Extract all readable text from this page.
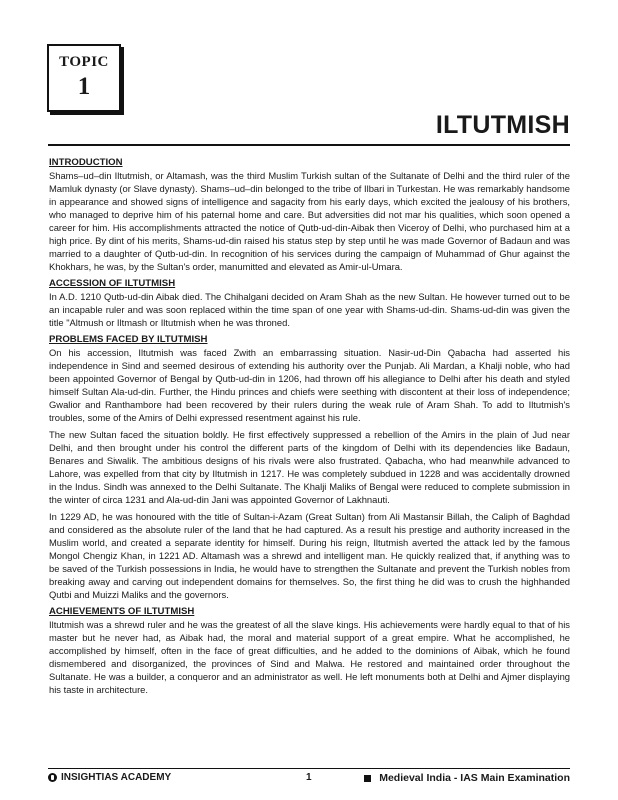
TOPIC
1
ILTUTMISH
INTRODUCTION

Shams–ud–din Iltutmish, or Altamash, was the third Muslim Turkish sultan of the Sultanate of Delhi and the third ruler of the Mamluk dynasty (or Slave dynasty). Shams–ud–din belonged to the tribe of Ilbari in Turkestan. He was remarkably handsome in appearance and showed signs of intelligence and sagacity from his early days, which excited the jealousy of his brothers, who managed to deprive him of his paternal home and care. But adversities did not mar his qualities, which soon opened a career for him. His accomplishments attracted the notice of Qutb-ud-din-Aibak then Viceroy of Delhi, who purchased him at a high price. By dint of his merits, Shams-ud-din raised his status step by step until he was made Governor of Badaun and was married to a daughter of Qutb-ud-din. In recognition of his services during the campaign of Muhammad of Ghur against the Khokhars, he was, by the Sultan's order, manumitted and elevated as Amir-ul-Umara.

ACCESSION OF ILTUTMISH

In A.D. 1210 Qutb-ud-din Aibak died. The Chihalgani decided on Aram Shah as the new Sultan. He however turned out to be an incapable ruler and was soon replaced within the time span of one year with Shams-ud-din. Shams-ud-din was given the title "Altmush or Iltmash or Iltutmish when he was throned.

PROBLEMS FACED BY ILTUTMISH

On his accession, Iltutmish was faced Zwith an embarrassing situation. Nasir-ud-Din Qabacha had asserted his independence in Sind and seemed desirous of extending his authority over the Punjab. Ali Mardan, a Khalji noble, who had been appointed Governor of Bengal by Qutb-ud-din in 1206, had thrown off his allegiance to Delhi after his death and styled himself Sultan Ala-ud-din. Further, the Hindu princes and chiefs were seething with discontent at their loss of independence; Gwalior and Ranthambore had been recovered by their rulers during the weak rule of Aram Shah. To add to Iltutmish's troubles, some of the Amirs of Delhi expressed resentment against his rule.

The new Sultan faced the situation boldly. He first effectively suppressed a rebellion of the Amirs in the plain of Jud near Delhi, and then brought under his control the different parts of the kingdom of Delhi with its dependencies like Badaun, Benares and Siwalik. The ambitious designs of his rivals were also frustrated. Qabacha, who had meanwhile advanced to Lahore, was expelled from that city by Iltutmish in 1217. He was completely subdued in 1228 and was accidentally drowned in the Indus. Sindh was annexed to the Delhi Sultanate. The Khalji Maliks of Bengal were reduced to complete submission in the winter of circa 1231 and Ala-ud-din Jani was appointed Governor of Lakhnauti.

In 1229 AD, he was honoured with the title of Sultan-i-Azam (Great Sultan) from Ali Mastansir Billah, the Caliph of Baghdad and considered as the absolute ruler of the land that he had captured. As a result his prestige and authority increased in the Muslim world, and created a separate identity for himself. During his reign, Iltutmish averted the attack led by the famous Mongol Chengiz Khan, in 1221 AD. Altamash was a shrewd and intelligent man. He quickly realized that, if anything was to be saved of the Turkish possessions in India, he would have to strengthen the Sultanate and prevent the Turkish nobles from breaking away and carving out independent domains for themselves. So, the first thing he did was to crush the highhanded Qutbi and Muizzi Maliks and the governors.

ACHIEVEMENTS OF ILTUTMISH

Iltutmish was a shrewd ruler and he was the greatest of all the slave kings. His achievements were hardly equal to that of his master but he never had, as Aibak had, the moral and material support of a great empire. What he accomplished, he accomplished by himself, often in the face of great difficulties, and he added to the dominions of Aibak, which he found dismembered and disorganized, the provinces of Sind and Malwa. He restored and maintained order throughout the Sultanate. He was a builder, a conqueror and an administrator as well. He left monuments both at Delhi and Ajmer displaying his taste in architecture.

INSIGHTIAS ACADEMY	1	Medieval India - IAS Main Examination
